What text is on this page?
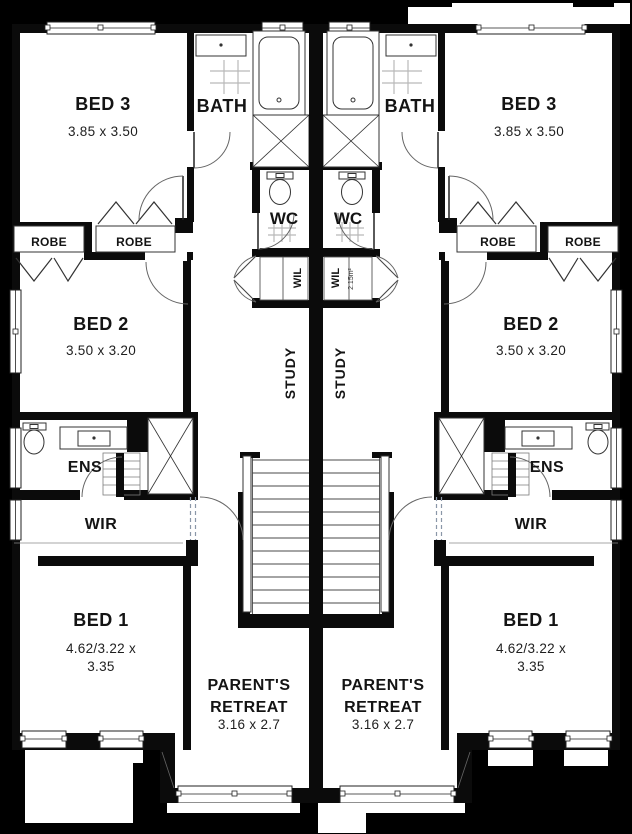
BED 3
3.85 x 3.50
BATH
WC
ROBE	ROBE
BED 2
3.50 x 3.20
WIL
STUDY
ENS
WIR
BED 1
4.62/3.22 x
3.35
PARENT'S
RETREAT
3.16 x 2.7
BED 3
3.85 x 3.50
BATH
WC
ROBE	ROBE
BED 2
3.50 x 3.20
WIL 2.15m²
STUDY
ENS
WIR
BED 1
4.62/3.22 x
3.35
PARENT'S
RETREAT
3.16 x 2.7
